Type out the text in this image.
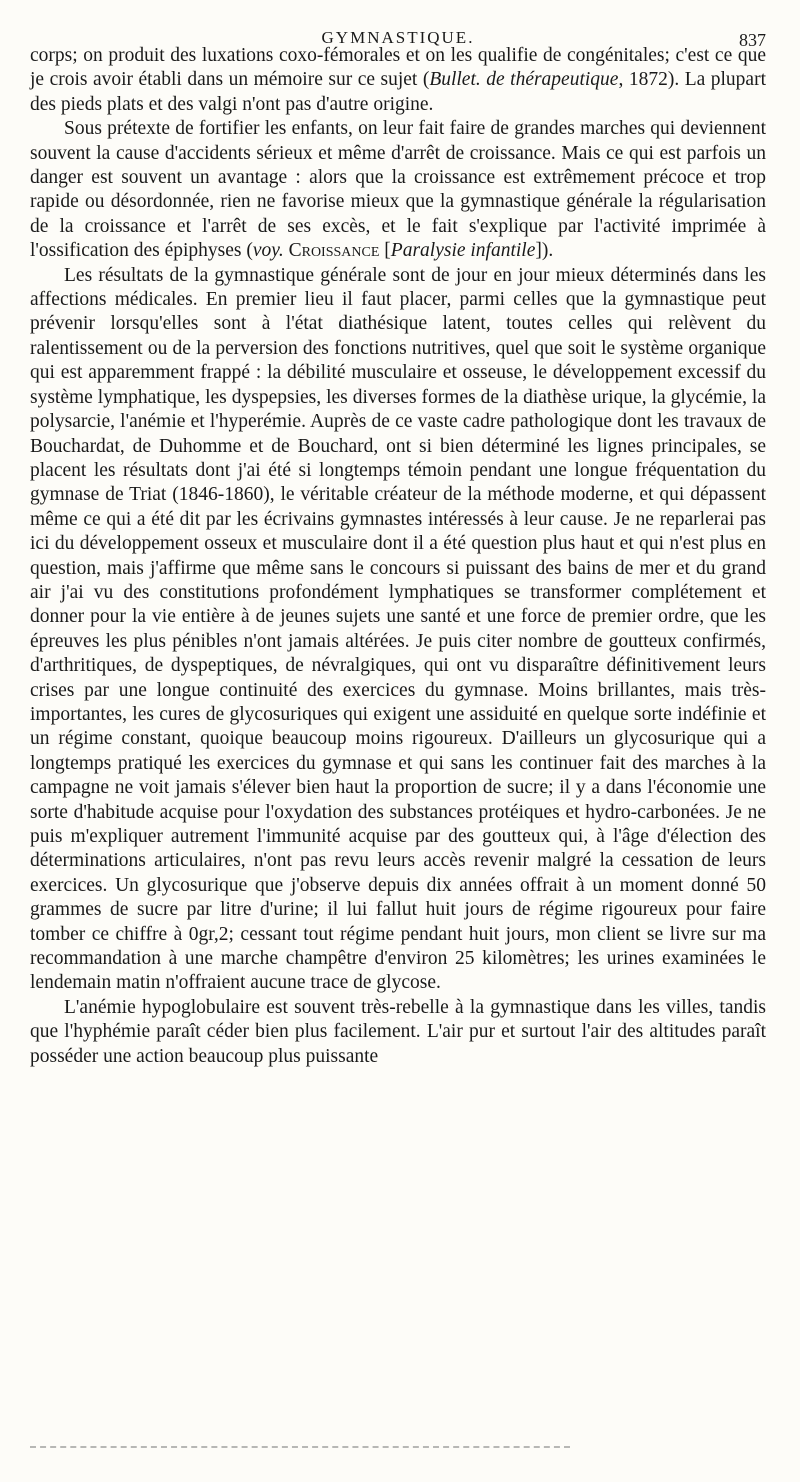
GYMNASTIQUE.	837

corps; on produit des luxations coxo-fémorales et on les qualifie de congénitales; c'est ce que je crois avoir établi dans un mémoire sur ce sujet (Bullet. de thérapeutique, 1872). La plupart des pieds plats et des valgi n'ont pas d'autre origine.

Sous prétexte de fortifier les enfants, on leur fait faire de grandes marches qui deviennent souvent la cause d'accidents sérieux et même d'arrêt de croissance. Mais ce qui est parfois un danger est souvent un avantage : alors que la croissance est extrêmement précoce et trop rapide ou désordonnée, rien ne favorise mieux que la gymnastique générale la régularisation de la croissance et l'arrêt de ses excès, et le fait s'explique par l'activité imprimée à l'ossification des épiphyses (voy. Croissance [Paralysie infantile]).

Les résultats de la gymnastique générale sont de jour en jour mieux déterminés dans les affections médicales. En premier lieu il faut placer, parmi celles que la gymnastique peut prévenir lorsqu'elles sont à l'état diathésique latent, toutes celles qui relèvent du ralentissement ou de la perversion des fonctions nutritives, quel que soit le système organique qui est apparemment frappé : la débilité musculaire et osseuse, le développement excessif du système lymphatique, les dyspepsies, les diverses formes de la diathèse urique, la glycémie, la polysarcie, l'anémie et l'hyperémie. Auprès de ce vaste cadre pathologique dont les travaux de Bouchardat, de Duhomme et de Bouchard, ont si bien déterminé les lignes principales, se placent les résultats dont j'ai été si longtemps témoin pendant une longue fréquentation du gymnase de Triat (1846-1860), le véritable créateur de la méthode moderne, et qui dépassent même ce qui a été dit par les écrivains gymnastes intéressés à leur cause. Je ne reparlerai pas ici du développement osseux et musculaire dont il a été question plus haut et qui n'est plus en question, mais j'affirme que même sans le concours si puissant des bains de mer et du grand air j'ai vu des constitutions profondément lymphatiques se transformer complétement et donner pour la vie entière à de jeunes sujets une santé et une force de premier ordre, que les épreuves les plus pénibles n'ont jamais altérées. Je puis citer nombre de goutteux confirmés, d'arthritiques, de dyspeptiques, de névralgiques, qui ont vu disparaître définitivement leurs crises par une longue continuité des exercices du gymnase. Moins brillantes, mais très-importantes, les cures de glycosuriques qui exigent une assiduité en quelque sorte indéfinie et un régime constant, quoique beaucoup moins rigoureux. D'ailleurs un glycosurique qui a longtemps pratiqué les exercices du gymnase et qui sans les continuer fait des marches à la campagne ne voit jamais s'élever bien haut la proportion de sucre; il y a dans l'économie une sorte d'habitude acquise pour l'oxydation des substances protéiques et hydro-carbonées. Je ne puis m'expliquer autrement l'immunité acquise par des goutteux qui, à l'âge d'élection des déterminations articulaires, n'ont pas revu leurs accès revenir malgré la cessation de leurs exercices. Un glycosurique que j'observe depuis dix années offrait à un moment donné 50 grammes de sucre par litre d'urine; il lui fallut huit jours de régime rigoureux pour faire tomber ce chiffre à 0gr,2; cessant tout régime pendant huit jours, mon client se livre sur ma recommandation à une marche champêtre d'environ 25 kilomètres; les urines examinées le lendemain matin n'offraient aucune trace de glycose.

L'anémie hypoglobulaire est souvent très-rebelle à la gymnastique dans les villes, tandis que l'hyphémie paraît céder bien plus facilement. L'air pur et surtout l'air des altitudes paraît posséder une action beaucoup plus puissante
